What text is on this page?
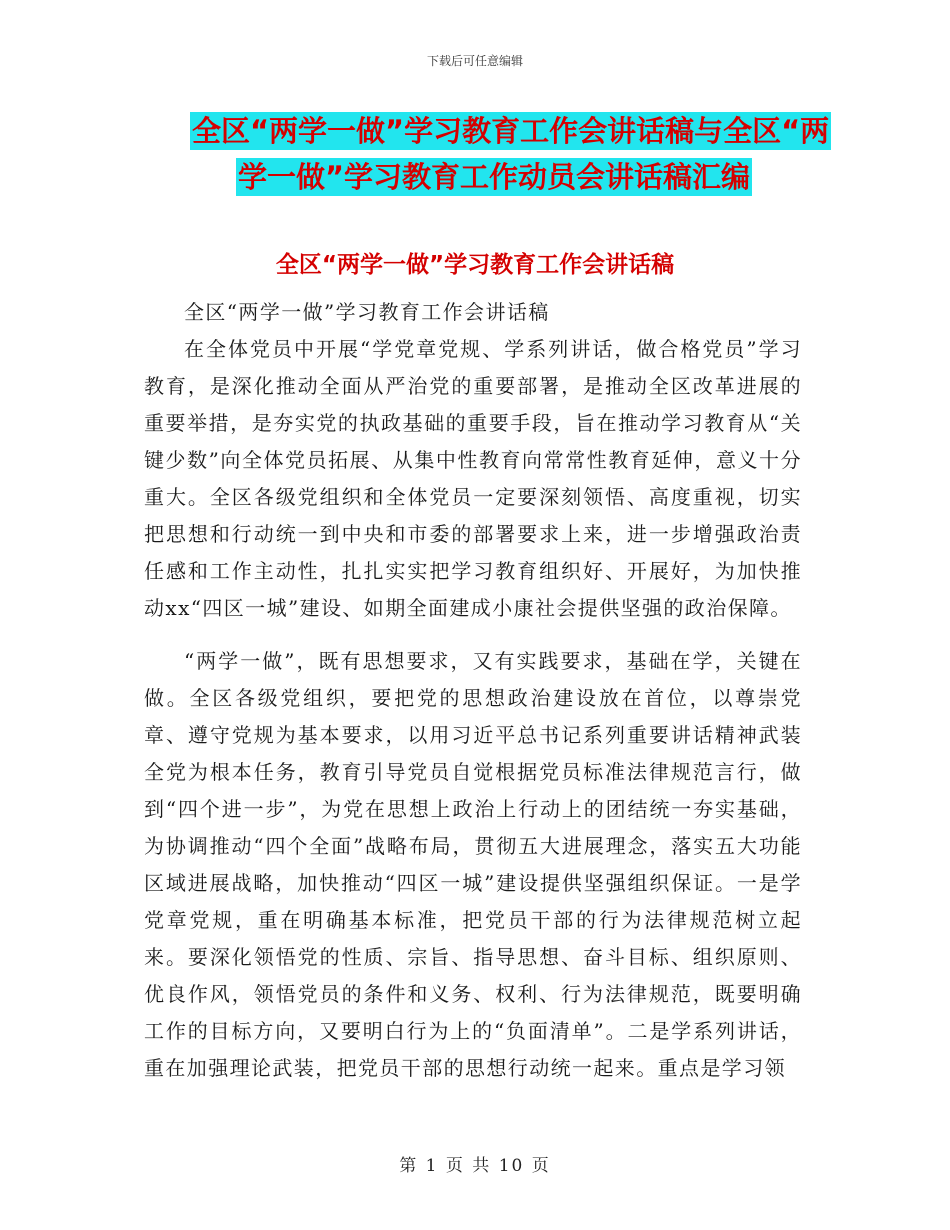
下载后可任意编辑
全区“两学一做”学习教育工作会讲话稿与全区“两
学一做”学习教育工作动员会讲话稿汇编
全区“两学一做”学习教育工作会讲话稿

全区“两学一做”学习教育工作会讲话稿

在全体党员中开展“学党章党规、学系列讲话，做合格党员”学习教育，是深化推动全面从严治党的重要部署，是推动全区改革进展的重要举措，是夯实党的执政基础的重要手段，旨在推动学习教育从“关键少数”向全体党员拓展、从集中性教育向常常性教育延伸，意义十分重大。全区各级党组织和全体党员一定要深刻领悟、高度重视，切实把思想和行动统一到中央和市委的部署要求上来，进一步增强政治责任感和工作主动性，扎扎实实把学习教育组织好、开展好，为加快推动xx“四区一城”建设、如期全面建成小康社会提供坚强的政治保障。

“两学一做”，既有思想要求，又有实践要求，基础在学，关键在做。全区各级党组织，要把党的思想政治建设放在首位，以尊崇党章、遵守党规为基本要求，以用习近平总书记系列重要讲话精神武装全党为根本任务，教育引导党员自觉根据党员标准法律规范言行，做到“四个进一步”，为党在思想上政治上行动上的团结统一夯实基础，为协调推动“四个全面”战略布局，贯彻五大进展理念，落实五大功能区域进展战略，加快推动“四区一城”建设提供坚强组织保证。一是学党章党规，重在明确基本标准，把党员干部的行为法律规范树立起来。要深化领悟党的性质、宗旨、指导思想、奋斗目标、组织原则、优良作风，领悟党员的条件和义务、权利、行为法律规范，既要明确工作的目标方向，又要明白行为上的“负面清单”。二是学系列讲话，重在加强理论武装，把党员干部的思想行动统一起来。重点是学习领

第 1 页 共 10 页
